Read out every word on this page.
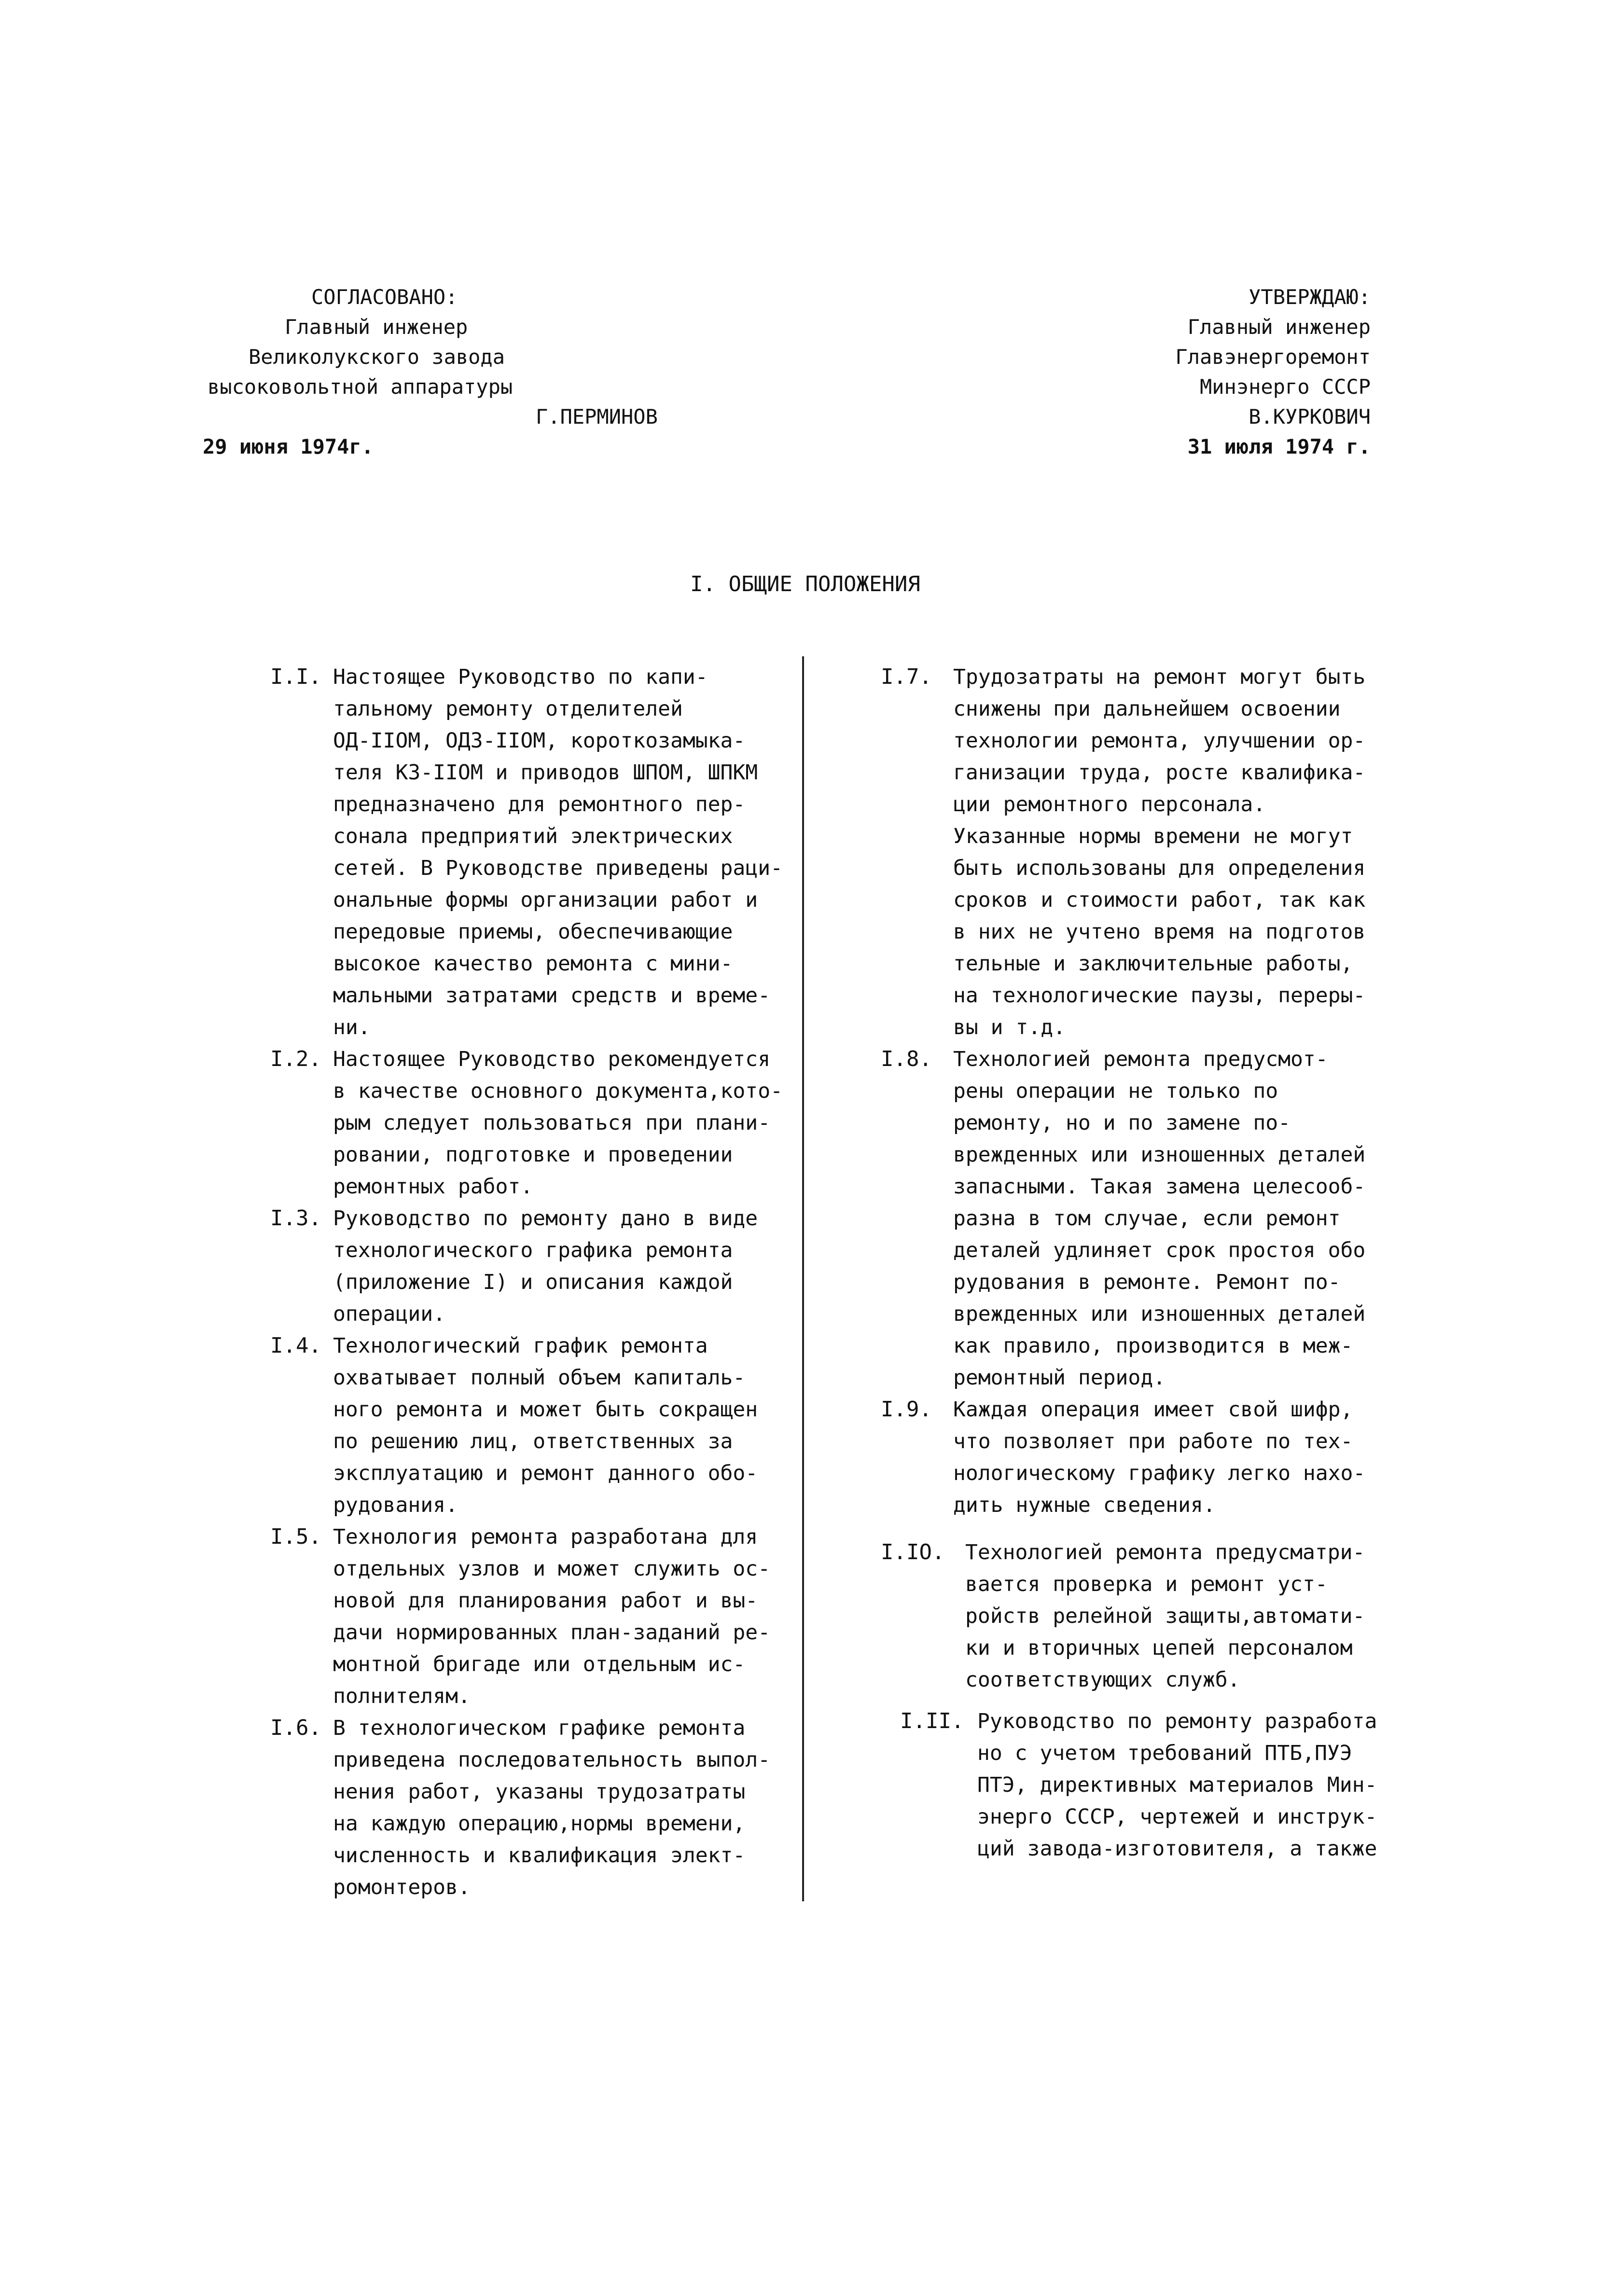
СОГЛАСОВАНО:
Главный инженер
Великолукского завода
высоковольтной аппаратуры
Г.ПЕРМИНОВ
29 июня 1974г.
УТВЕРЖДАЮ:
Главный инженер
Главэнергоремонт
Минэнерго СССР
В.КУРКОВИЧ
31 июля 1974 г.
I. ОБЩИЕ ПОЛОЖЕНИЯ
I.I. Настоящее Руководство по капи-
тальному ремонту отделителей
ОД-IIOM, ОДЗ-IIOM, короткозамыка-
теля КЗ-IIOM и приводов ШПОМ, ШПКМ
предназначено для ремонтного пер-
сонала предприятий электрических
сетей. В Руководстве приведены раци-
ональные формы организации работ и
передовые приемы, обеспечивающие
высокое качество ремонта с мини-
мальными затратами средств и време-
ни.
I.2. Настоящее Руководство рекомендуется
в качестве основного документа,кото-
рым следует пользоваться при плани-
ровании, подготовке и проведении
ремонтных работ.
I.3. Руководство по ремонту дано в виде
технологического графика ремонта
(приложение I) и описания каждой
операции.
I.4. Технологический график ремонта
охватывает полный объем капиталь-
ного ремонта и может быть сокращен
по решению лиц, ответственных за
эксплуатацию и ремонт данного обо-
рудования.
I.5. Технология ремонта разработана для
отдельных узлов и может служить ос-
новой для планирования работ и вы-
дачи нормированных план-заданий ре-
монтной бригаде или отдельным ис-
полнителям.
I.6. В технологическом графике ремонта
приведена последовательность выпол-
нения работ, указаны трудозатраты
на каждую операцию,нормы времени,
численность и квалификация элект-
ромонтеров.
I.7. Трудозатраты на ремонт могут быть
снижены при дальнейшем освоении
технологии ремонта, улучшении ор-
ганизации труда, росте квалифика-
ции ремонтного персонала.
Указанные нормы времени не могут
быть использованы для определения
сроков и стоимости работ, так как
в них не учтено время на подготов
тельные и заключительные работы,
на технологические паузы, переры-
вы и т.д.
I.8. Технологией ремонта предусмот-
рены операции не только по
ремонту, но и по замене по-
врежденных или изношенных деталей
запасными. Такая замена целесооб-
разна в том случае, если ремонт
деталей удлиняет срок простоя обо
рудования в ремонте. Ремонт по-
врежденных или изношенных деталей
как правило, производится в меж-
ремонтный период.
I.9. Каждая операция имеет свой шифр,
что позволяет при работе по тех-
нологическому графику легко нахо-
дить нужные сведения.
I.IO. Технологией ремонта предусматри-
вается проверка и ремонт уст-
ройств релейной защиты,автомати-
ки и вторичных цепей персоналом
соответствующих служб.
I.II. Руководство по ремонту разработа
но с учетом требований ПТБ,ПУЭ
ПТЭ, директивных материалов Мин-
энерго СССР, чертежей и инструк-
ций завода-изготовителя, а также
